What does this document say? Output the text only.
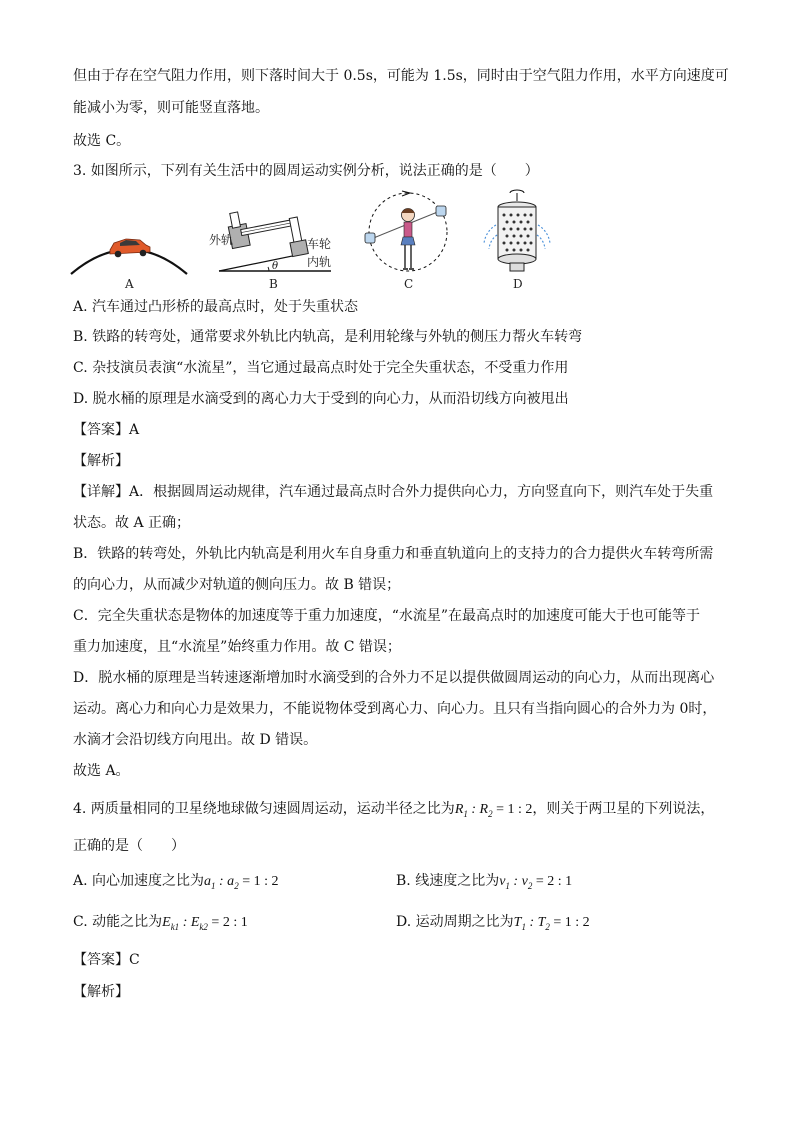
但由于存在空气阻力作用，则下落时间大于 0.5s，可能为 1.5s，同时由于空气阻力作用，水平方向速度可
能减小为零，则可能竖直落地。
故选 C。
3. 如图所示，下列有关生活中的圆周运动实例分析，说法正确的是（　　）
A
θ
外轨	车轮
内轨
B	C	D
A. 汽车通过凸形桥的最高点时，处于失重状态
B. 铁路的转弯处，通常要求外轨比内轨高，是利用轮缘与外轨的侧压力帮火车转弯
C. 杂技演员表演“水流星”，当它通过最高点时处于完全失重状态，不受重力作用
D. 脱水桶的原理是水滴受到的离心力大于受到的向心力，从而沿切线方向被甩出
【答案】A
【解析】
【详解】A．根据圆周运动规律，汽车通过最高点时合外力提供向心力，方向竖直向下，则汽车处于失重
状态。故 A 正确；
B．铁路的转弯处，外轨比内轨高是利用火车自身重力和垂直轨道向上的支持力的合力提供火车转弯所需
的向心力，从而减少对轨道的侧向压力。故 B 错误；
C．完全失重状态是物体的加速度等于重力加速度，“水流星”在最高点时的加速度可能大于也可能等于
重力加速度，且“水流星”始终重力作用。故 C 错误；
D．脱水桶的原理是当转速逐渐增加时水滴受到的合外力不足以提供做圆周运动的向心力，从而出现离心
运动。离心力和向心力是效果力，不能说物体受到离心力、向心力。且只有当指向圆心的合外力为 0时，
水滴才会沿切线方向甩出。故 D 错误。
故选 A。
4. 两质量相同的卫星绕地球做匀速圆周运动，运动半径之比为$R_1$ : $R_2 = 1$ : 2，则关于两卫星的下列说法，
正确的是（　　）
A. 向心加速度之比为$a_1$ : $a_2 = 1$ : 2	B. 线速度之比为$v_1$ : $v_2 = 2$ : 1
C. 动能之比为$E_{k1}$ : $E_{k2} = 2$ : 1	D. 运动周期之比为$T_1$ : $T_2 = 1$ : 2
【答案】C
【解析】
